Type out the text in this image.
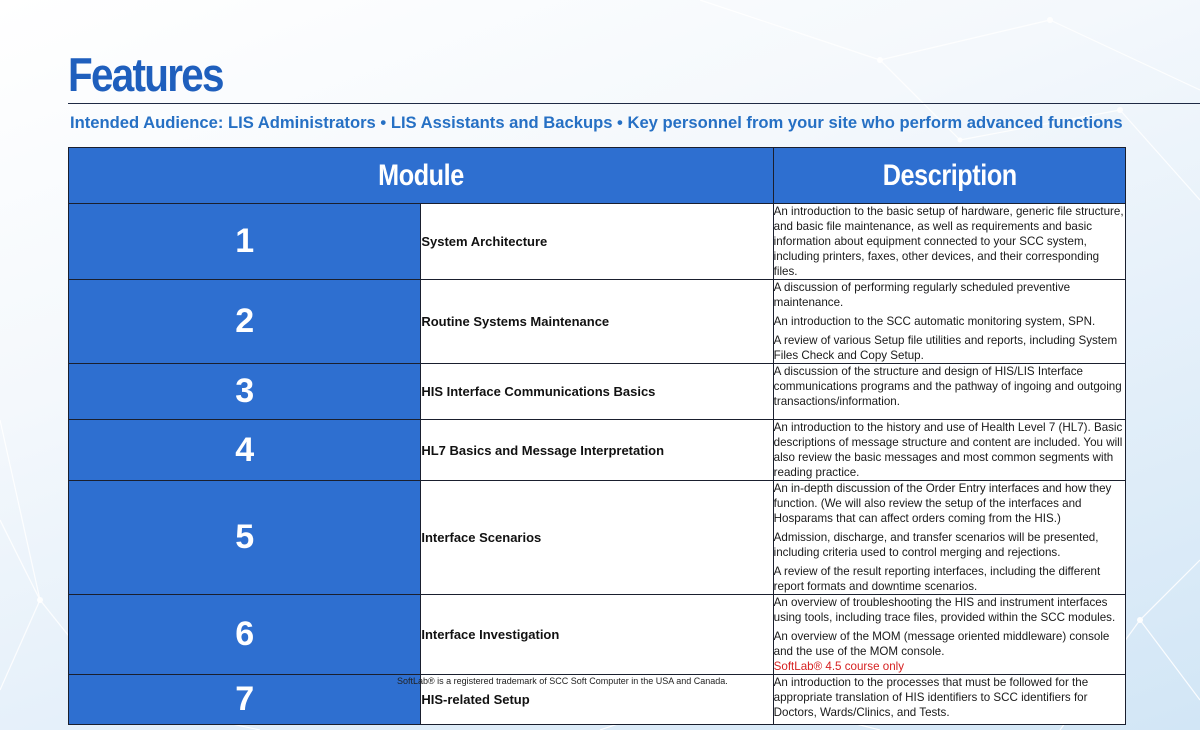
Features

Intended Audience: LIS Administrators • LIS Assistants and Backups • Key personnel from your site who perform advanced functions

Module		Description
1	System Architecture	An introduction to the basic setup of hardware, generic file structure, and basic file maintenance, as well as requirements and basic information about equipment connected to your SCC system, including printers, faxes, other devices, and their corresponding files.

2	Routine Systems Maintenance	A discussion of performing regularly scheduled preventive maintenance.

An introduction to the SCC automatic monitoring system, SPN.

A review of various Setup file utilities and reports, including System Files Check and Copy Setup.

3	HIS Interface Communications Basics	A discussion of the structure and design of HIS/LIS Interface communications programs and the pathway of ingoing and outgoing transactions/information.

4	HL7 Basics and Message Interpretation	An introduction to the history and use of Health Level 7 (HL7). Basic descriptions of message structure and content are included. You will also review the basic messages and most common segments with reading practice.

5	Interface Scenarios	An in-depth discussion of the Order Entry interfaces and how they function. (We will also review the setup of the interfaces and Hosparams that can affect orders coming from the HIS.)

Admission, discharge, and transfer scenarios will be presented, including criteria used to control merging and rejections.

A review of the result reporting interfaces, including the different report formats and downtime scenarios.

6	Interface Investigation	An overview of troubleshooting the HIS and instrument interfaces using tools, including trace files, provided within the SCC modules.

An overview of the MOM (message oriented middleware) console and the use of the MOM console.
SoftLab® 4.5 course only

7	HIS-related Setup	An introduction to the processes that must be followed for the appropriate translation of HIS identifiers to SCC identifiers for Doctors, Wards/Clinics, and Tests.

SoftLab® is a registered trademark of SCC Soft Computer in the USA and Canada.
